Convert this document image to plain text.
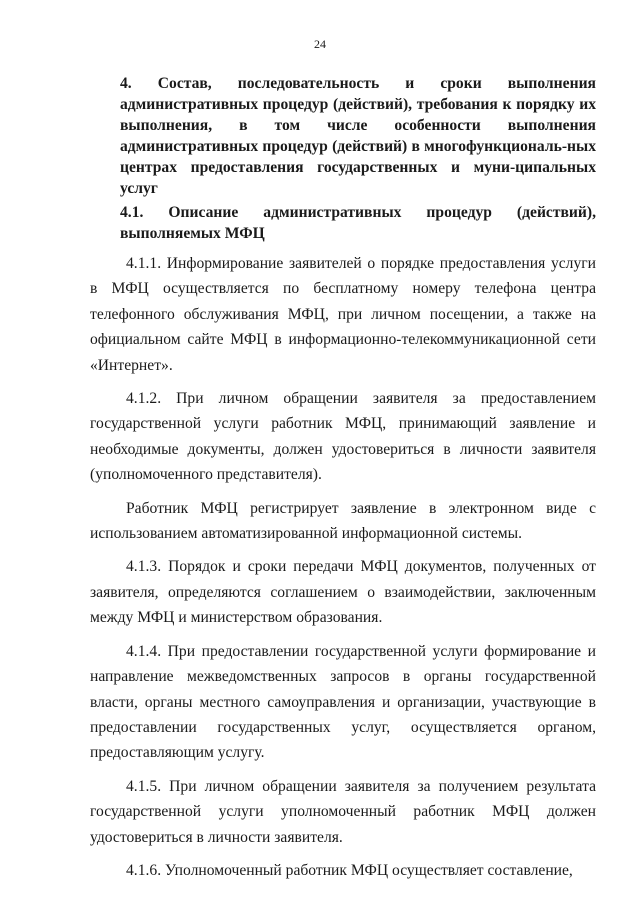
24
4. Состав, последовательность и сроки выполнения административных процедур (действий), требования к порядку их выполнения, в том числе особенности выполнения административных процедур (действий) в многофункциональ-ных центрах предоставления государственных и муни-ципальных услуг
4.1. Описание административных процедур (действий), выполняемых МФЦ

4.1.1. Информирование заявителей о порядке предоставления услуги в МФЦ осуществляется по бесплатному номеру телефона центра телефонного обслуживания МФЦ, при личном посещении, а также на официальном сайте МФЦ в информационно-телекоммуникационной сети «Интернет».

4.1.2. При личном обращении заявителя за предоставлением государственной услуги работник МФЦ, принимающий заявление и необходимые документы, должен удостовериться в личности заявителя (уполномоченного представителя).

Работник МФЦ регистрирует заявление в электронном виде с использованием автоматизированной информационной системы.

4.1.3. Порядок и сроки передачи МФЦ документов, полученных от заявителя, определяются соглашением о взаимодействии, заключенным между МФЦ и министерством образования.

4.1.4. При предоставлении государственной услуги формирование и направление межведомственных запросов в органы государственной власти, органы местного самоуправления и организации, участвующие в предоставлении государственных услуг, осуществляется органом, предоставляющим услугу.

4.1.5. При личном обращении заявителя за получением результата государственной услуги уполномоченный работник МФЦ должен удостовериться в личности заявителя.

4.1.6. Уполномоченный работник МФЦ осуществляет составление,
